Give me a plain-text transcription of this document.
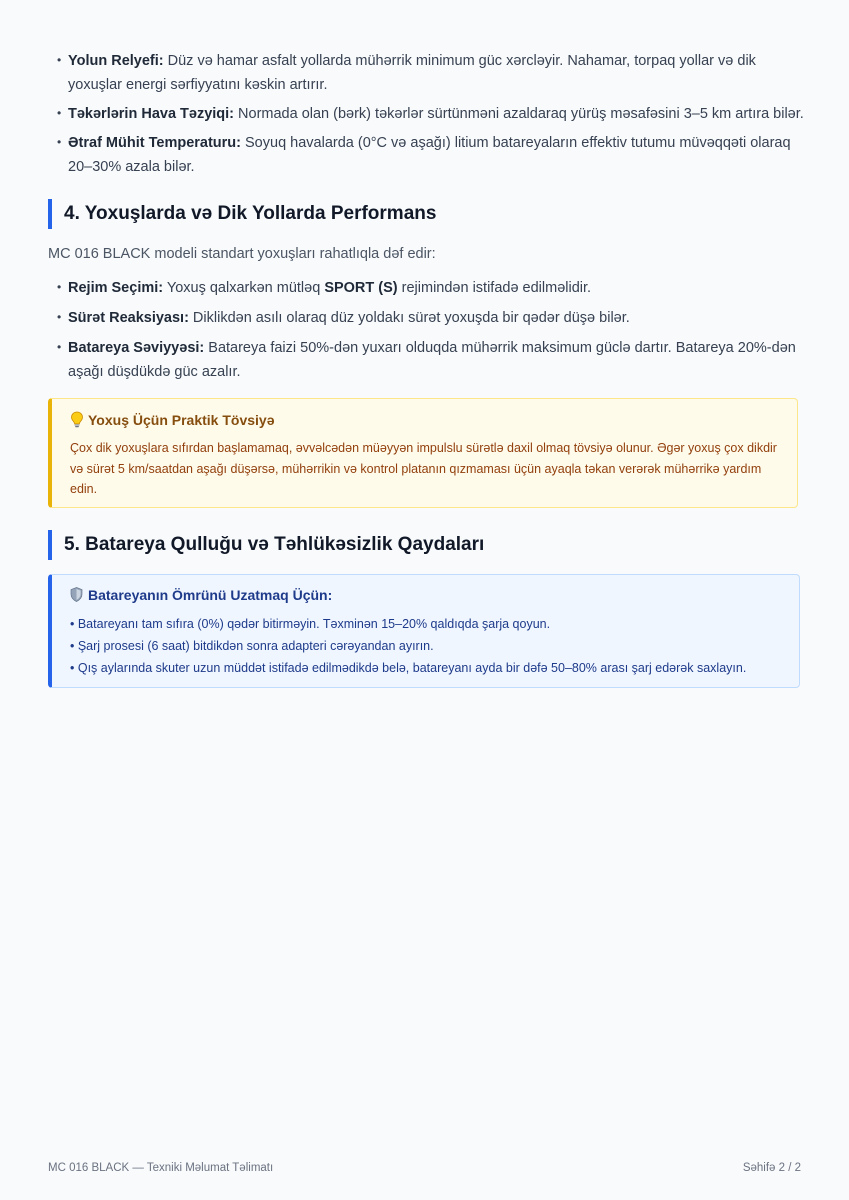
• Yolun Relyefi: Düz və hamar asfalt yollarda mühərrik minimum güc xərcləyir. Nahamar, torpaq yollar və dik yoxuşlar energi sərfiyyatını kəskin artırır.
• Təkərlərin Hava Təzyiqi: Normada olan (bərk) təkərlər sürtünməni azaldaraq yürüş məsafəsini 3–5 km artıra bilər.
• Ətraf Mühit Temperaturu: Soyuq havalarda (0°C və aşağı) litium batareyaların effektiv tutumu müvəqqəti olaraq 20–30% azala bilər.
4. Yoxuşlarda və Dik Yollarda Performans
MC 016 BLACK modeli standart yoxuşları rahatlıqla dəf edir:
• Rejim Seçimi: Yoxuş qalxarkən mütləq SPORT (S) rejimindən istifadə edilməlidir.
• Sürət Reaksiyası: Diklikdən asılı olaraq düz yoldakı sürət yoxuşda bir qədər düşə bilər.
• Batareya Səviyyəsi: Batareya faizi 50%-dən yuxarı olduqda mühərrik maksimum güclə dartır. Batareya 20%-dən aşağı düşdükdə güc azalır.
Yoxuş Üçün Praktik Tövsiyə
Çox dik yoxuşlara sıfırdan başlamamaq, əvvəlcədən müəyyən impulslu sürətlə daxil olmaq tövsiyə olunur. Əgər yoxuş çox dikdir və sürət 5 km/saatdan aşağı düşərsə, mühərrikin və kontrol platanın qızmaması üçün ayaqla təkan verərək mühərrikə yardım edin.
5. Batareya Qulluğu və Təhlükəsizlik Qaydaları
Batareyanın Ömrünü Uzatmaq Üçün:
• Batareyanı tam sıfıra (0%) qədər bitirməyin. Təxminən 15–20% qaldıqda şarja qoyun.
• Şarj prosesi (6 saat) bitdikdən sonra adapteri cərəyandan ayırın.
• Qış aylarında skuter uzun müddət istifadə edilmədikdə belə, batareyanı ayda bir dəfə 50–80% arası şarj edərək saxlayın.
MC 016 BLACK — Texniki Məlumat Təlimatı	Səhifə 2 / 2
